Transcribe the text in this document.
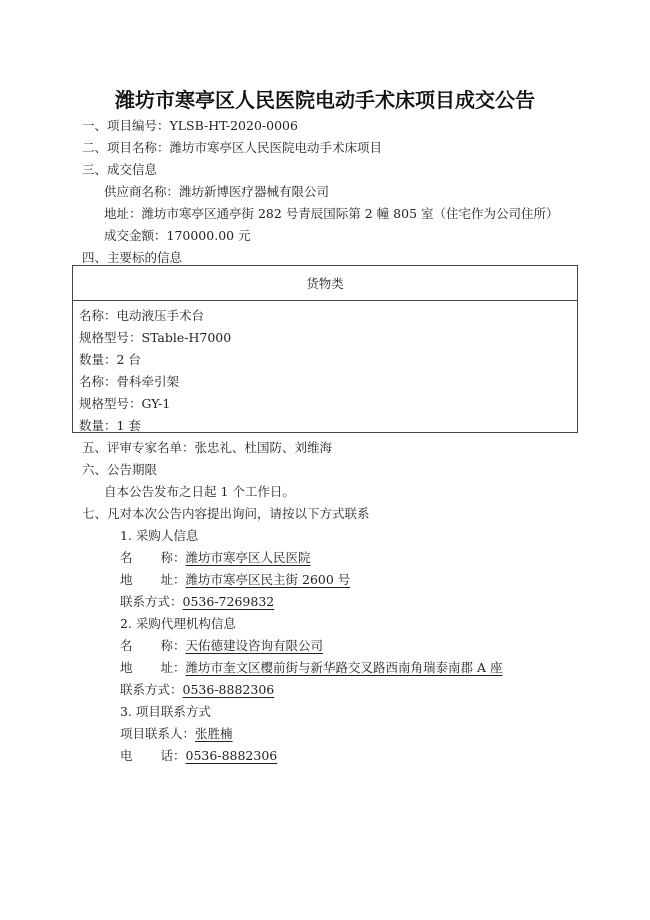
潍坊市寒亭区人民医院电动手术床项目成交公告
一、项目编号：YLSB-HT-2020-0006
二、项目名称：潍坊市寒亭区人民医院电动手术床项目
三、成交信息
供应商名称：潍坊新博医疗器械有限公司
地址：潍坊市寒亭区通亭街 282 号青辰国际第 2 幢 805 室（住宅作为公司住所）
成交金额：170000.00 元
四、主要标的信息
货物类
名称：电动液压手术台
规格型号：STable-H7000
数量：2 台
名称：骨科牵引架
规格型号：GY-1
数量：1 套
五、评审专家名单：张忠礼、杜国防、刘维海
六、公告期限
自本公告发布之日起 1 个工作日。
七、凡对本次公告内容提出询问，请按以下方式联系
1. 采购人信息
名 称：潍坊市寒亭区人民医院
地 址：潍坊市寒亭区民主街 2600 号
联系方式：0536-7269832
2. 采购代理机构信息
名 称：天佑德建设咨询有限公司
地 址：潍坊市奎文区樱前街与新华路交叉路西南角瑞泰南郡 A 座
联系方式：0536-8882306
3. 项目联系方式
项目联系人：张胜楠
电 话：0536-8882306
